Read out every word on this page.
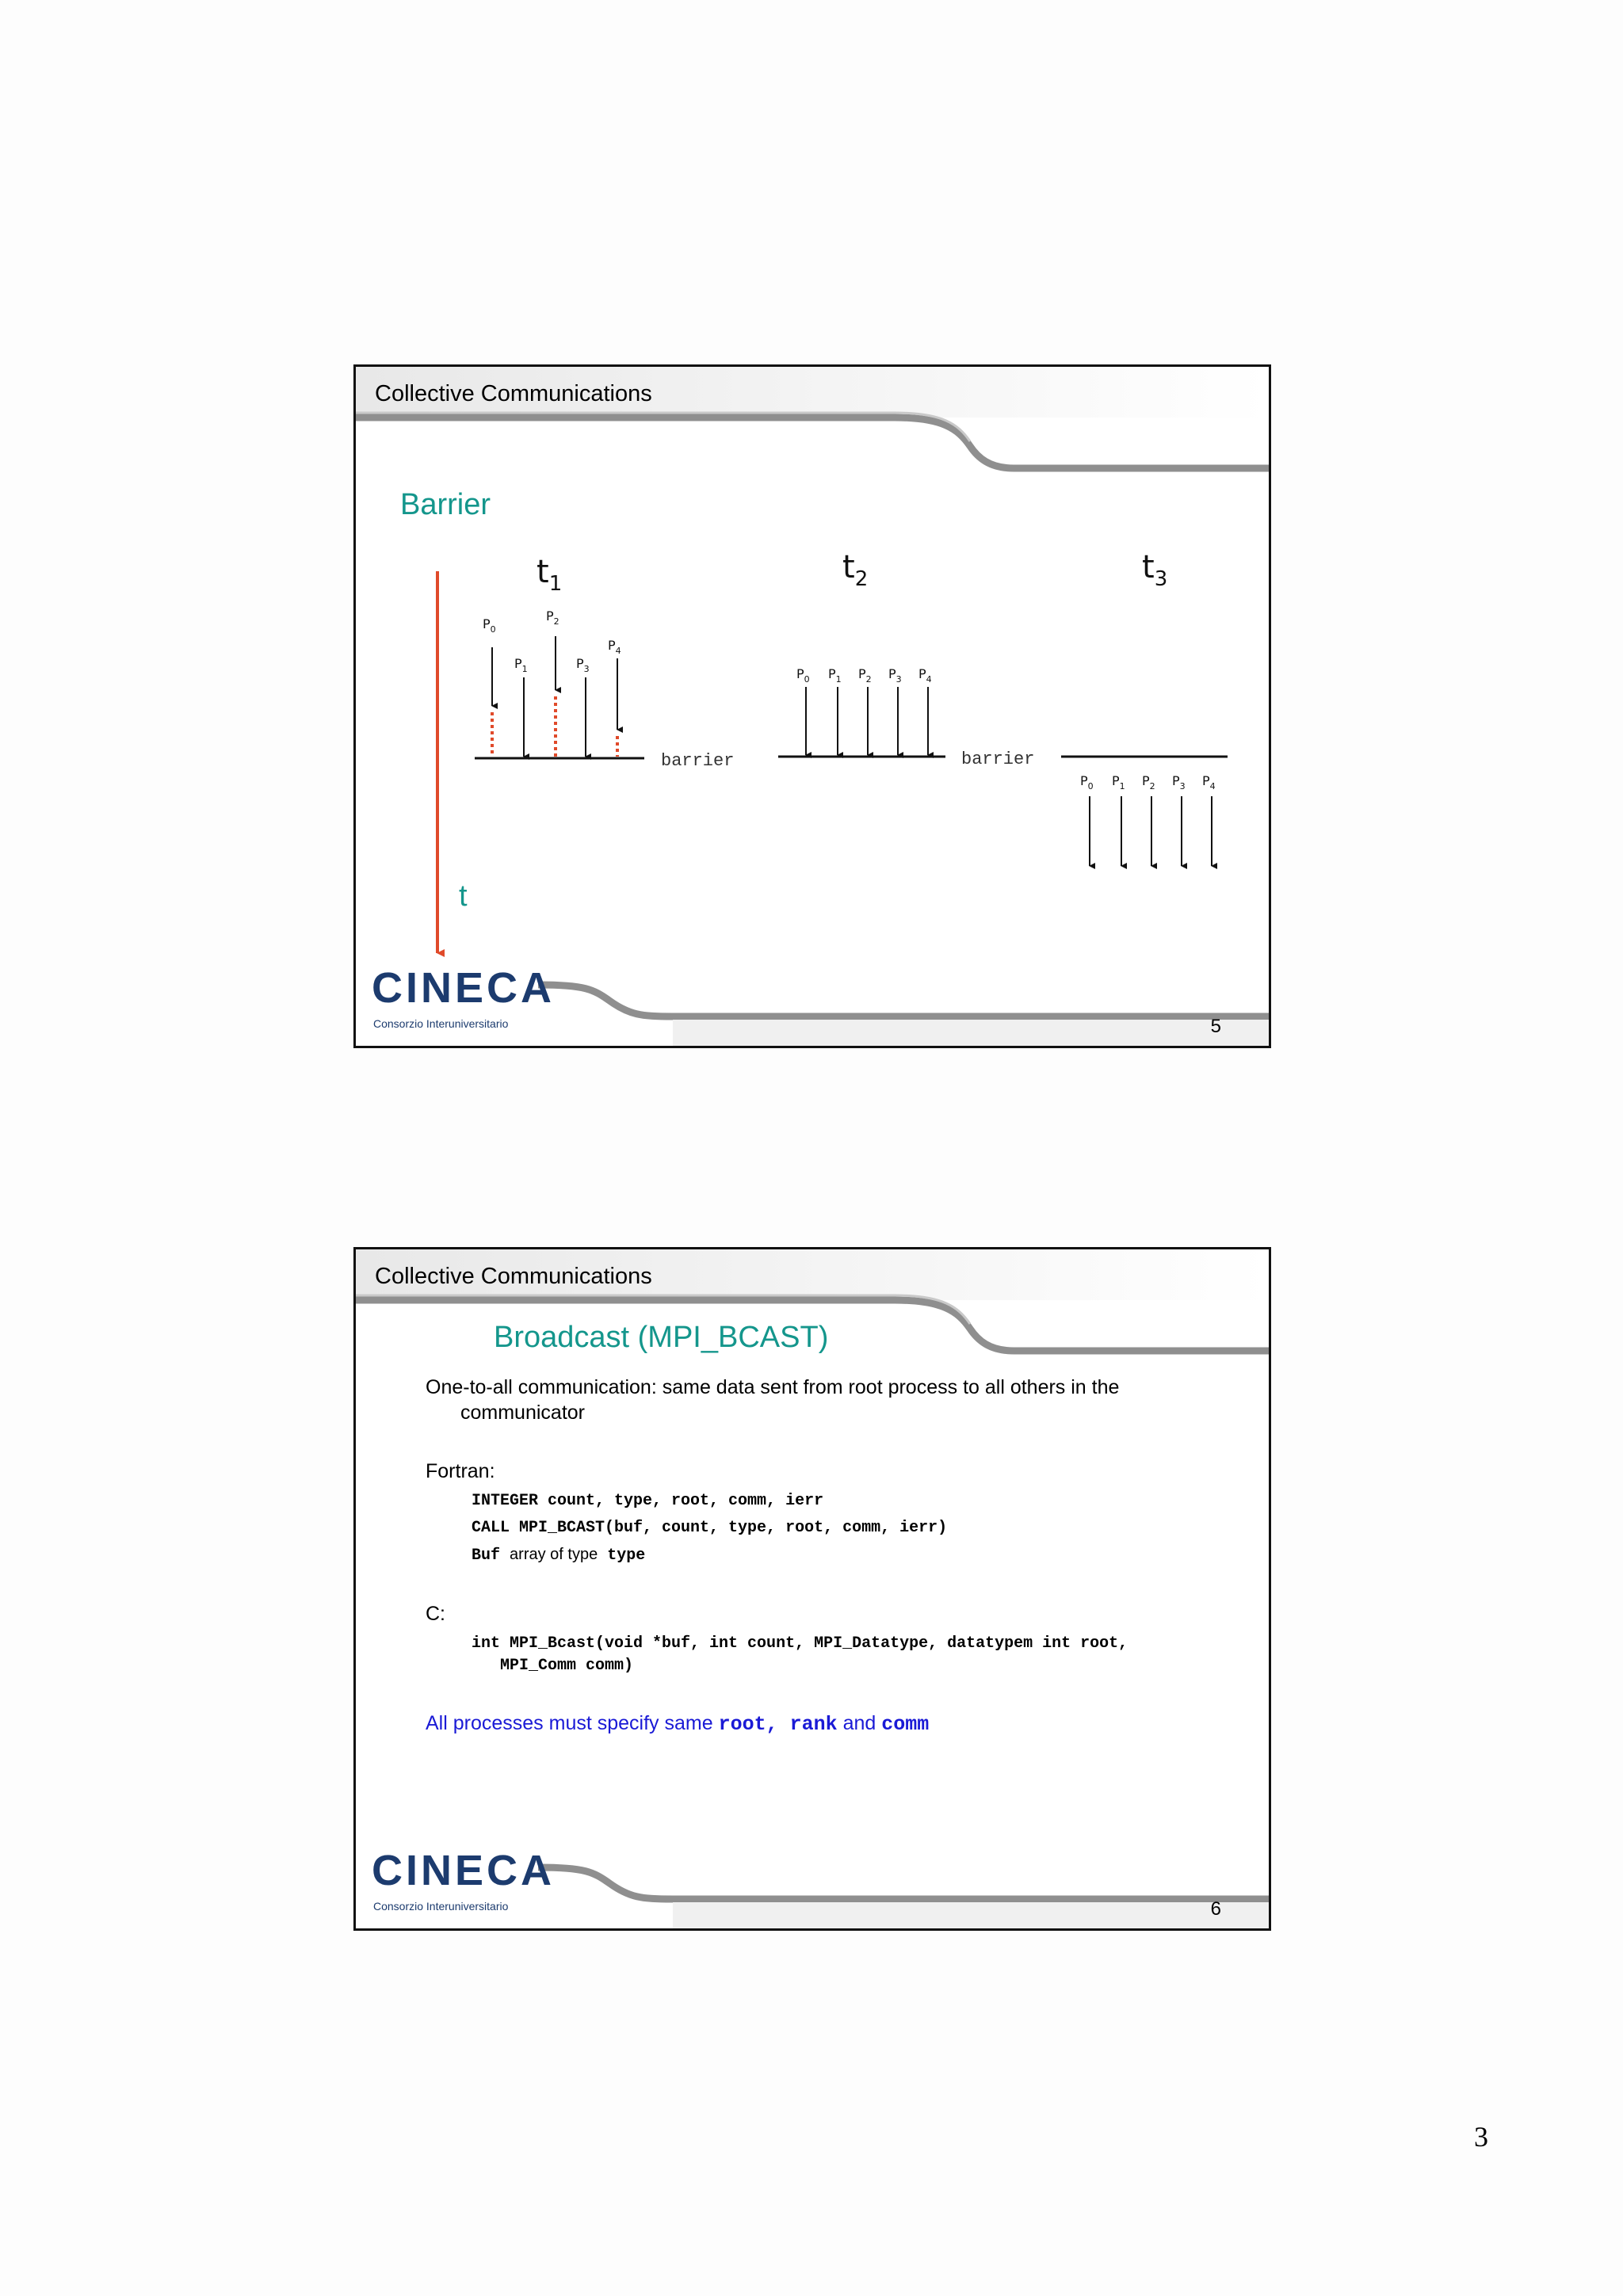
Collective Communications
Barrier
t
$t_1$	$t_2$	$t_3$
$P_0$
$P_1$
$P_2$
$P_3$
$P_4$
barrier
$P_0$ $P_1$ $P_2$ $P_3$ $P_4$
barrier
$P_0$ $P_1$ $P_2$ $P_3$ $P_4$
CINECA
Consorzio Interuniversitario	5
Collective Communications
Broadcast (MPI_BCAST)
One-to-all communication: same data sent from root process to all others in the
communicator
Fortran:
INTEGER count, type, root, comm, ierr
CALL MPI_BCAST(buf, count, type, root, comm, ierr)
Buf array of type type
C:
int MPI_Bcast(void *buf, int count, MPI_Datatype, datatypem int root,
MPI_Comm comm)
All processes must specify same root, rank and comm
CINECA
Consorzio Interuniversitario	6
3
